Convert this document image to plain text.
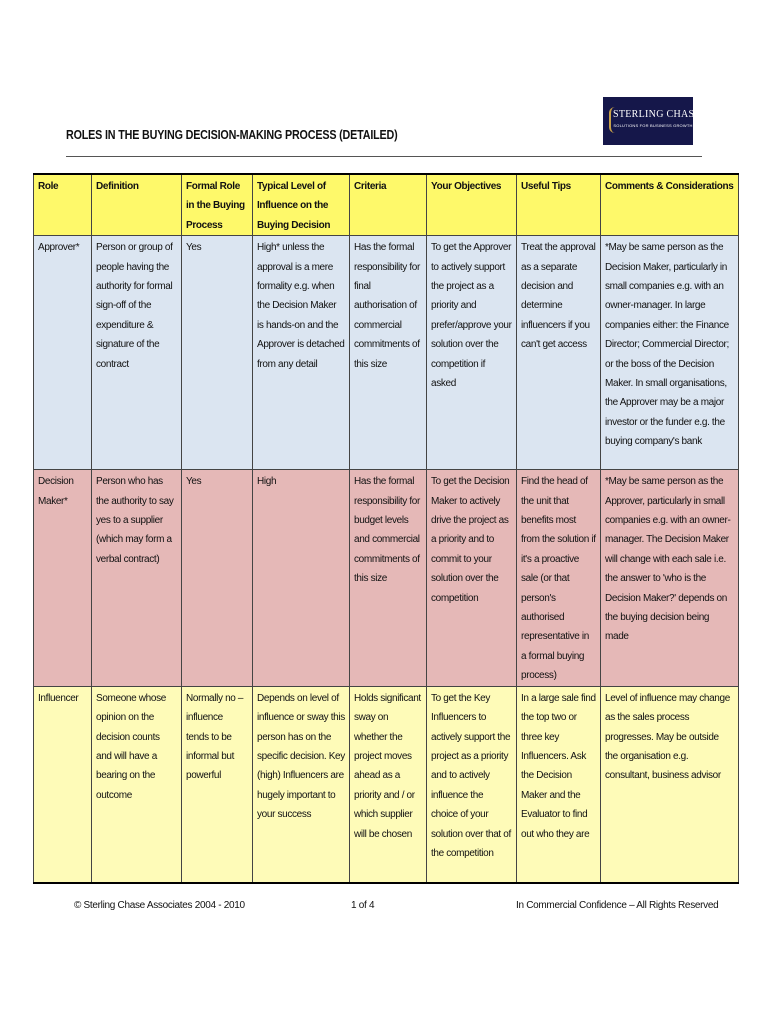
ROLES IN THE BUYING DECISION-MAKING PROCESS (DETAILED)
STERLING CHASE
SOLUTIONS FOR BUSINESS GROWTH
Role	Definition	Formal Role in the Buying Process	Typical Level of Influence on the Buying Decision	Criteria	Your Objectives	Useful Tips	Comments & Considerations

Approver*	Person or group of people having the authority for formal sign-off of the expenditure & signature of the contract	Yes	High* unless the approval is a mere formality e.g. when the Decision Maker is hands-on and the Approver is detached from any detail	Has the formal responsibility for final authorisation of commercial commitments of this size	To get the Approver to actively support the project as a priority and prefer/approve your solution over the competition if asked	Treat the approval as a separate decision and determine influencers if you can't get access	*May be same person as the Decision Maker, particularly in small companies e.g. with an owner-manager. In large companies either: the Finance Director; Commercial Director; or the boss of the Decision Maker. In small organisations, the Approver may be a major investor or the funder e.g. the buying company's bank

Decision Maker*	Person who has the authority to say yes to a supplier (which may form a verbal contract)	Yes	High	Has the formal responsibility for budget levels and commercial commitments of this size	To get the Decision Maker to actively drive the project as a priority and to commit to your solution over the competition	Find the head of the unit that benefits most from the solution if it's a proactive sale (or that person's authorised representative in a formal buying process)	*May be same person as the Approver, particularly in small companies e.g. with an owner-manager. The Decision Maker will change with each sale i.e. the answer to 'who is the Decision Maker?' depends on the buying decision being made

Influencer	Someone whose opinion on the decision counts and will have a bearing on the outcome	Normally no – influence tends to be informal but powerful	Depends on level of influence or sway this person has on the specific decision. Key (high) Influencers are hugely important to your success	Holds significant sway on whether the project moves ahead as a priority and / or which supplier will be chosen	To get the Key Influencers to actively support the project as a priority and to actively influence the choice of your solution over that of the competition	In a large sale find the top two or three key Influencers. Ask the Decision Maker and the Evaluator to find out who they are	Level of influence may change as the sales process progresses. May be outside the organisation e.g. consultant, business advisor
© Sterling Chase Associates 2004 - 2010	1 of 4	In Commercial Confidence – All Rights Reserved
